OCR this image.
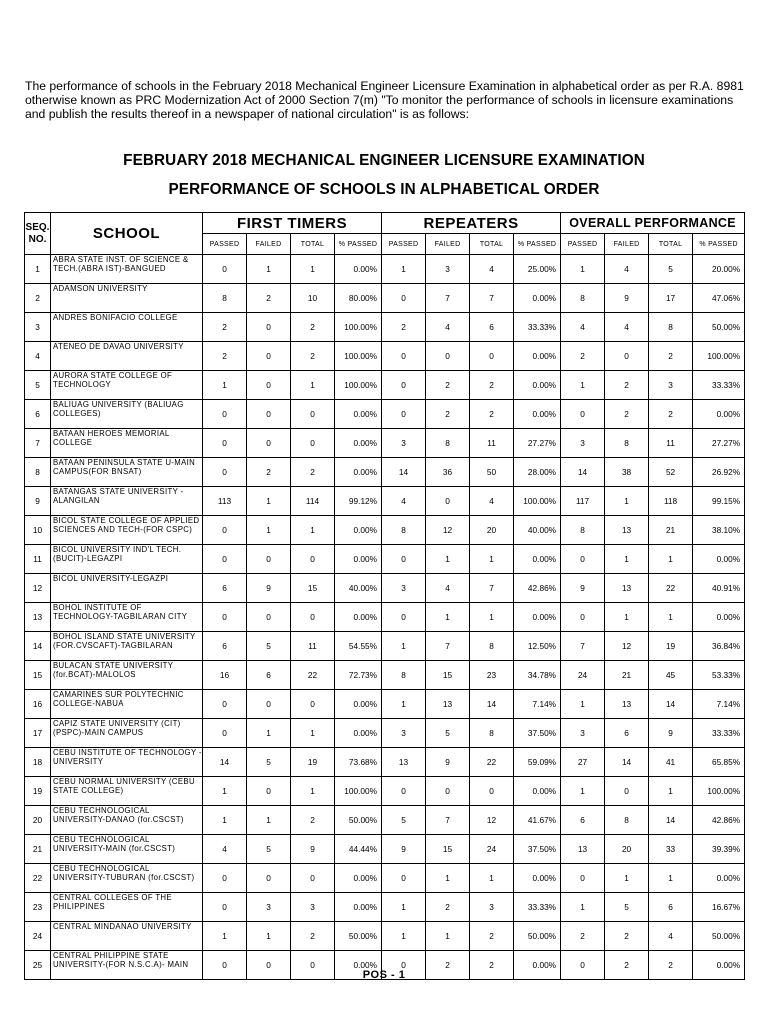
The performance of schools in the February 2018 Mechanical Engineer Licensure Examination in alphabetical order as per R.A. 8981 otherwise known as PRC Modernization Act of 2000 Section 7(m) "To monitor the performance of schools in licensure examinations and publish the results thereof in a newspaper of national circulation" is as follows:

FEBRUARY 2018 MECHANICAL ENGINEER LICENSURE EXAMINATION
PERFORMANCE OF SCHOOLS IN ALPHABETICAL ORDER
SEQ. NO.	SCHOOL	FIRST TIMERS				REPEATERS				OVERALL PERFORMANCE			
		PASSED	FAILED	TOTAL	% PASSED	PASSED	FAILED	TOTAL	% PASSED	PASSED	FAILED	TOTAL	% PASSED
1	ABRA STATE INST. OF SCIENCE & TECH.(ABRA IST)-BANGUED	0	1	1	0.00%	1	3	4	25.00%	1	4	5	20.00%
2	ADAMSON UNIVERSITY	8	2	10	80.00%	0	7	7	0.00%	8	9	17	47.06%
3	ANDRES BONIFACIO COLLEGE	2	0	2	100.00%	2	4	6	33.33%	4	4	8	50.00%
4	ATENEO DE DAVAO UNIVERSITY	2	0	2	100.00%	0	0	0	0.00%	2	0	2	100.00%
5	AURORA STATE COLLEGE OF TECHNOLOGY	1	0	1	100.00%	0	2	2	0.00%	1	2	3	33.33%
6	BALIUAG UNIVERSITY (BALIUAG COLLEGES)	0	0	0	0.00%	0	2	2	0.00%	0	2	2	0.00%
7	BATAAN HEROES MEMORIAL COLLEGE	0	0	0	0.00%	3	8	11	27.27%	3	8	11	27.27%
8	BATAAN PENINSULA STATE U-MAIN CAMPUS(FOR BNSAT)	0	2	2	0.00%	14	36	50	28.00%	14	38	52	26.92%
9	BATANGAS STATE UNIVERSITY - ALANGILAN	113	1	114	99.12%	4	0	4	100.00%	117	1	118	99.15%
10	BICOL STATE COLLEGE OF APPLIED SCIENCES AND TECH-(FOR CSPC)	0	1	1	0.00%	8	12	20	40.00%	8	13	21	38.10%
11	BICOL UNIVERSITY IND'L TECH.(BUCIT)-LEGAZPI	0	0	0	0.00%	0	1	1	0.00%	0	1	1	0.00%
12	BICOL UNIVERSITY-LEGAZPI	6	9	15	40.00%	3	4	7	42.86%	9	13	22	40.91%
13	BOHOL INSTITUTE OF TECHNOLOGY-TAGBILARAN CITY	0	0	0	0.00%	0	1	1	0.00%	0	1	1	0.00%
14	BOHOL ISLAND STATE UNIVERSITY (FOR.CVSCAFT)-TAGBILARAN	6	5	11	54.55%	1	7	8	12.50%	7	12	19	36.84%
15	BULACAN STATE UNIVERSITY (for.BCAT)-MALOLOS	16	6	22	72.73%	8	15	23	34.78%	24	21	45	53.33%
16	CAMARINES SUR POLYTECHNIC COLLEGE-NABUA	0	0	0	0.00%	1	13	14	7.14%	1	13	14	7.14%
17	CAPIZ STATE UNIVERSITY (CIT)(PSPC)-MAIN CAMPUS	0	1	1	0.00%	3	5	8	37.50%	3	6	9	33.33%
18	CEBU INSTITUTE OF TECHNOLOGY - UNIVERSITY	14	5	19	73.68%	13	9	22	59.09%	27	14	41	65.85%
19	CEBU NORMAL UNIVERSITY (CEBU STATE COLLEGE)	1	0	1	100.00%	0	0	0	0.00%	1	0	1	100.00%
20	CEBU TECHNOLOGICAL UNIVERSITY-DANAO (for.CSCST)	1	1	2	50.00%	5	7	12	41.67%	6	8	14	42.86%
21	CEBU TECHNOLOGICAL UNIVERSITY-MAIN (for.CSCST)	4	5	9	44.44%	9	15	24	37.50%	13	20	33	39.39%
22	CEBU TECHNOLOGICAL UNIVERSITY-TUBURAN (for.CSCST)	0	0	0	0.00%	0	1	1	0.00%	0	1	1	0.00%
23	CENTRAL COLLEGES OF THE PHILIPPINES	0	3	3	0.00%	1	2	3	33.33%	1	5	6	16.67%
24	CENTRAL MINDANAO UNIVERSITY	1	1	2	50.00%	1	1	2	50.00%	2	2	4	50.00%
25	CENTRAL PHILIPPINE STATE UNIVERSITY-(FOR N.S.C.A)- MAIN	0	0	0	0.00%	0	2	2	0.00%	0	2	2	0.00%
POS - 1
